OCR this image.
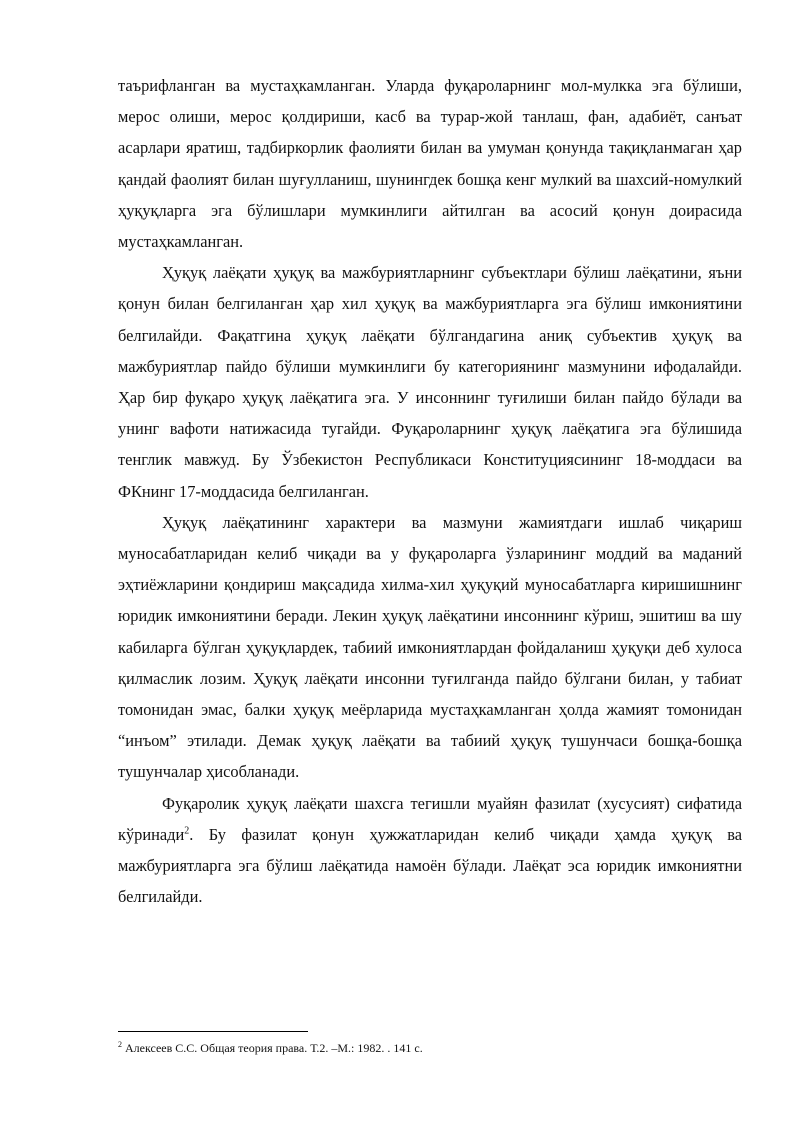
таърифланган ва мустаҳкамланган. Уларда фуқароларнинг мол-мулкка эга бўлиши, мерос олиши, мерос қолдириши, касб ва турар-жой танлаш, фан, адабиёт, санъат асарлари яратиш, тадбиркорлик фаолияти билан ва умуман қонунда тақиқланмаган ҳар қандай фаолият билан шуғулланиш, шунингдек бошқа кенг мулкий ва шахсий-номулкий ҳуқуқларга эга бўлишлари мумкинлиги айтилган ва асосий қонун доирасида мустаҳкамланган.

Ҳуқуқ лаёқати ҳуқуқ ва мажбуриятларнинг субъектлари бўлиш лаёқатини, яъни қонун билан белгиланган ҳар хил ҳуқуқ ва мажбуриятларга эга бўлиш имкониятини белгилайди. Фақатгина ҳуқуқ лаёқати бўлгандагина аниқ субъектив ҳуқуқ ва мажбуриятлар пайдо бўлиши мумкинлиги бу категориянинг мазмунини ифодалайди. Ҳар бир фуқаро ҳуқуқ лаёқатига эга. У инсоннинг туғилиши билан пайдо бўлади ва унинг вафоти натижасида тугайди. Фуқароларнинг ҳуқуқ лаёқатига эга бўлишида тенглик мавжуд. Бу Ўзбекистон Республикаси Конституциясининг 18-моддаси ва ФКнинг 17-моддасида белгиланган.

Ҳуқуқ лаёқатининг характери ва мазмуни жамиятдаги ишлаб чиқариш муносабатларидан келиб чиқади ва у фуқароларга ўзларининг моддий ва маданий эҳтиёжларини қондириш мақсадида хилма-хил ҳуқуқий муносабатларга киришишнинг юридик имкониятини беради. Лекин ҳуқуқ лаёқатини инсоннинг кўриш, эшитиш ва шу кабиларга бўлган ҳуқуқлардек, табиий имкониятлардан фойдаланиш ҳуқуқи деб хулоса қилмаслик лозим. Ҳуқуқ лаёқати инсонни туғилганда пайдо бўлгани билан, у табиат томонидан эмас, балки ҳуқуқ меёрларида мустаҳкамланган ҳолда жамият томонидан “инъом” этилади. Демак ҳуқуқ лаёқати ва табиий ҳуқуқ тушунчаси бошқа-бошқа тушунчалар ҳисобланади.

Фуқаролик ҳуқуқ лаёқати шахсга тегишли муайян фазилат (хусусият) сифатида кўринади$^2$. Бу фазилат қонун ҳужжатларидан келиб чиқади ҳамда ҳуқуқ ва мажбуриятларга эга бўлиш лаёқатида намоён бўлади. Лаёқат эса юридик имкониятни белгилайди.

$^2$ Алексеев С.С. Общая теория права. Т.2. –М.: 1982. . 141 с.
